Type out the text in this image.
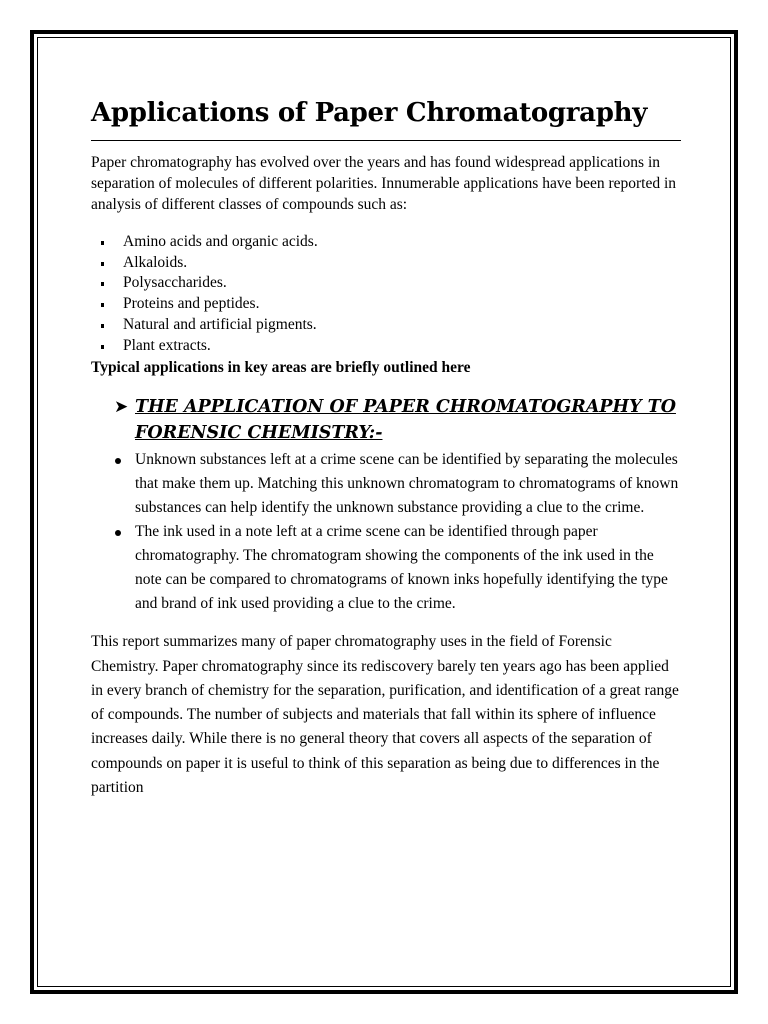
Applications of Paper Chromatography

Paper chromatography has evolved over the years and has found widespread applications in separation of molecules of different polarities. Innumerable applications have been reported in analysis of different classes of compounds such as:

Amino acids and organic acids.
Alkaloids.
Polysaccharides.
Proteins and peptides.
Natural and artificial pigments.
Plant extracts.

Typical applications in key areas are briefly outlined here

➤ THE APPLICATION OF PAPER CHROMATOGRAPHY TO FORENSIC CHEMISTRY:-
Unknown substances left at a crime scene can be identified by separating the molecules that make them up. Matching this unknown chromatogram to chromatograms of known substances can help identify the unknown substance providing a clue to the crime.
The ink used in a note left at a crime scene can be identified through paper chromatography. The chromatogram showing the components of the ink used in the note can be compared to chromatograms of known inks hopefully identifying the type and brand of ink used providing a clue to the crime.

This report summarizes many of paper chromatography uses in the field of Forensic Chemistry. Paper chromatography since its rediscovery barely ten years ago has been applied in every branch of chemistry for the separation, purification, and identification of a great range of compounds. The number of subjects and materials that fall within its sphere of influence increases daily. While there is no general theory that covers all aspects of the separation of compounds on paper it is useful to think of this separation as being due to differences in the partition
